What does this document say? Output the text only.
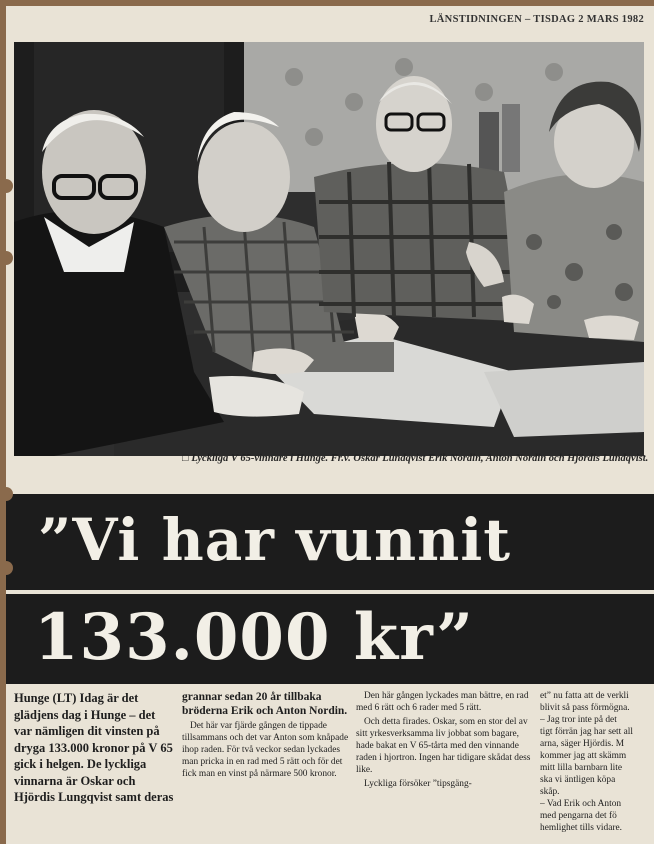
LÄNSTIDNINGEN – TISDAG 2 MARS 1982
□ Lyckliga V 65-vinnare i Hunge. Fr.v. Oskar Lundqvist Erik Nordin, Anton Nordin och Hjördis Lundqvist.
”Vi har vunnit
133.000 kr”

Hunge (LT) Idag är det glädjens dag i Hunge – det var nämligen dit vinsten på dryga 133.000 kronor på V 65 gick i helgen. De lyckliga vinnarna är Oskar och Hjördis Lungqvist samt deras

grannar sedan 20 år tillbaka bröderna Erik och Anton Nordin.

Det här var fjärde gången de tippade tillsammans och det var Anton som knåpade ihop raden. För två veckor sedan lyckades man pricka in en rad med 5 rätt och för det fick man en vinst på närmare 500 kronor.

Den här gången lyckades man bättre, en rad med 6 rätt och 6 rader med 5 rätt.

Och detta firades. Oskar, som en stor del av sitt yrkesverksamma liv jobbat som bagare, hade bakat en V 65-tårta med den vinnande raden i hjortron. Ingen har tidigare skådat dess like.

Lyckliga försöker ”tipsgäng-

et” nu fatta att de verkli
blivit så pass förmögna.
– Jag tror inte på det
tigt förrän jag har sett all
arna, säger Hjördis. M
kommer jag att skämm
mitt lilla barnbarn lite
ska vi äntligen köpa
skåp.
– Vad Erik och Anton
med pengarna det fö
hemlighet tills vidare.
